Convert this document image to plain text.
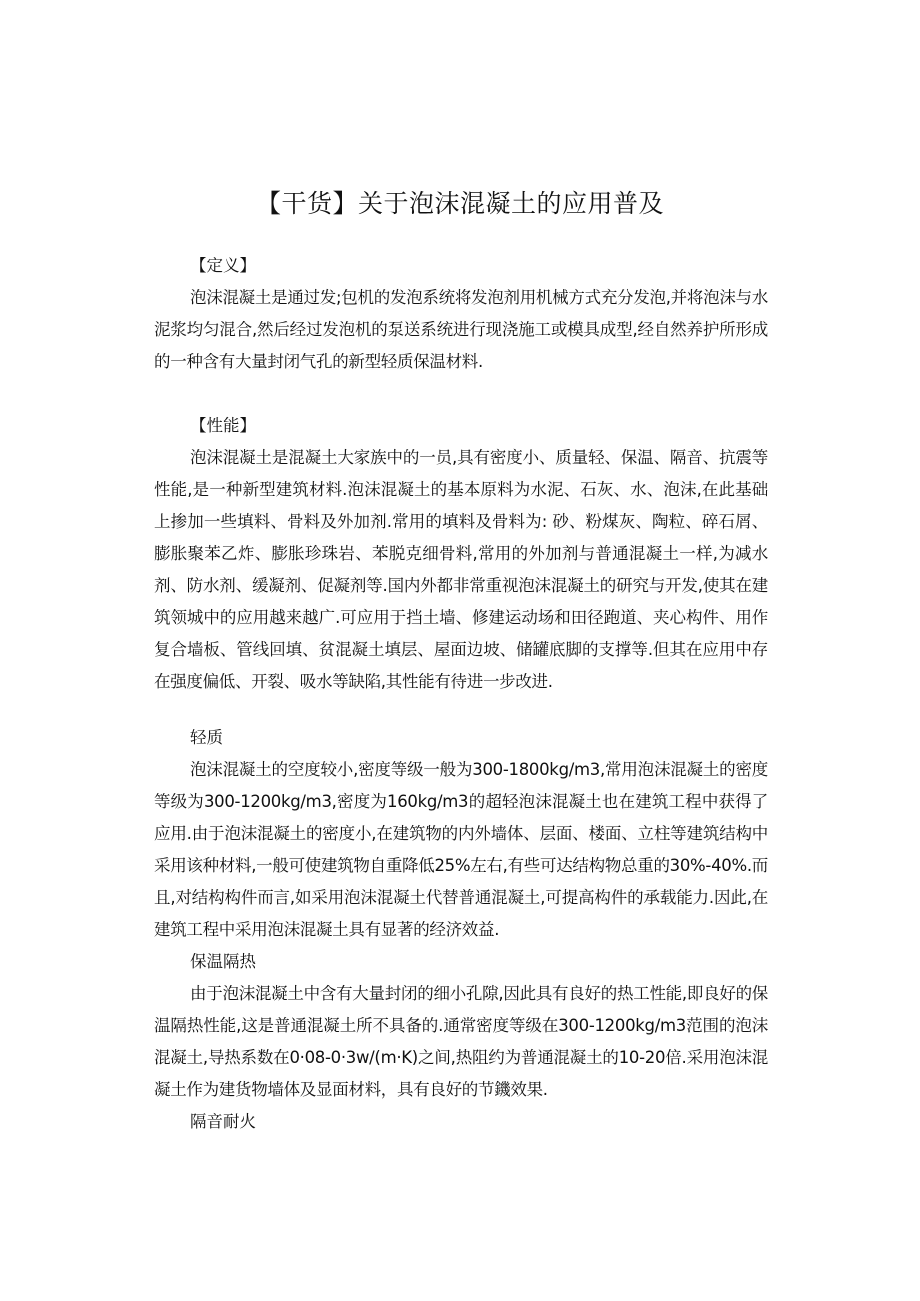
【干货】关于泡沫混凝土的应用普及
【定义】

泡沫混凝土是通过发;包机的发泡系统将发泡剂用机械方式充分发泡,并将泡沫与水泥浆均匀混合,然后经过发泡机的泵送系统进行现浇施工或模具成型,经自然养护所形成的一种含有大量封闭气孔的新型轻质保温材料.

【性能】

泡沫混凝土是混凝土大家族中的一员,具有密度小、质量轻、保温、隔音、抗震等性能,是一种新型建筑材料.泡沫混凝土的基本原料为水泥、石灰、水、泡沫,在此基础上掺加一些填料、骨料及外加剂.常用的填料及骨料为: 砂、粉煤灰、陶粒、碎石屑、膨胀聚苯乙炸、膨胀珍珠岩、苯脱克细骨料,常用的外加剂与普通混凝土一样,为减水剂、防水剂、缓凝剂、促凝剂等.国内外都非常重视泡沫混凝土的研究与开发,使其在建筑领城中的应用越来越广.可应用于挡土墙、修建运动场和田径跑道、夹心构件、用作复合墙板、管线回填、贫混凝土填层、屋面边坡、储罐底脚的支撑等.但其在应用中存在强度偏低、开裂、吸水等缺陷,其性能有待进一步改进.

轻质

泡沫混凝土的空度较小,密度等级一般为300-1800kg/m3,常用泡沫混凝土的密度等级为300-1200kg/m3,密度为160kg/m3的超轻泡沫混凝土也在建筑工程中获得了应用.由于泡沫混凝土的密度小,在建筑物的内外墙体、层面、楼面、立柱等建筑结构中采用该种材料,一般可使建筑物自重降低25%左右,有些可达结构物总重的30%-40%.而且,对结构构件而言,如采用泡沫混凝土代替普通混凝土,可提高构件的承载能力.因此,在建筑工程中采用泡沫混凝土具有显著的经济效益.

保温隔热

由于泡沫混凝土中含有大量封闭的细小孔隙,因此具有良好的热工性能,即良好的保温隔热性能,这是普通混凝土所不具备的.通常密度等级在300-1200kg/m3范围的泡沫混凝土,导热系数在0·08-0·3w/(m·K)之间,热阻约为普通混凝土的10-20倍.采用泡沫混凝土作为建货物墙体及显面材料，具有良好的节鐖效果.

隔音耐火
